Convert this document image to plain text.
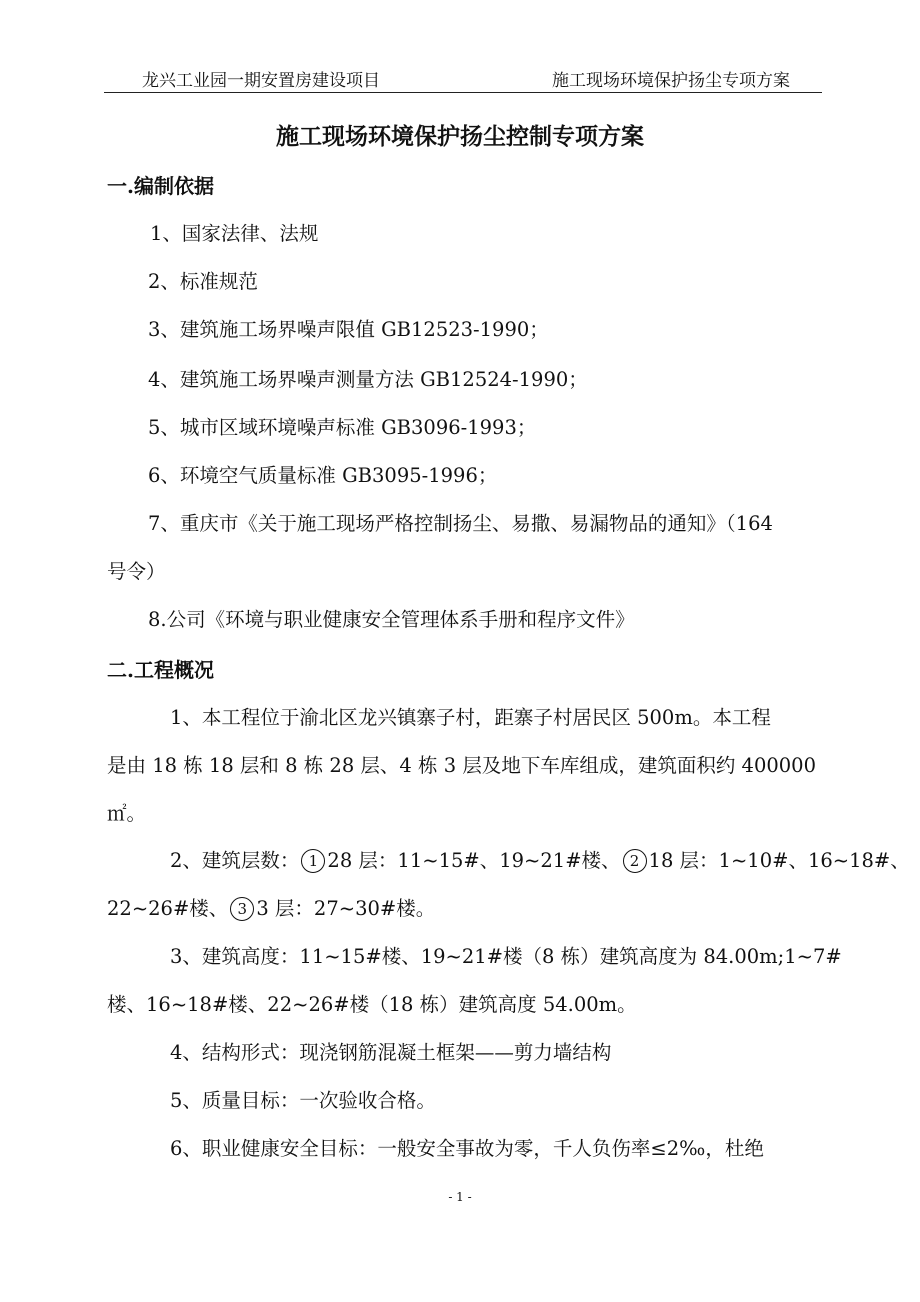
龙兴工业园一期安置房建设项目	施工现场环境保护扬尘专项方案
施工现场环境保护扬尘控制专项方案
一.编制依据
1、国家法律、法规
2、标准规范
3、建筑施工场界噪声限值 GB12523-1990；
4、建筑施工场界噪声测量方法 GB12524-1990；
5、城市区域环境噪声标准 GB3096-1993；
6、环境空气质量标准 GB3095-1996；
7、重庆市《关于施工现场严格控制扬尘、易撒、易漏物品的通知》（164
号令）
8.公司《环境与职业健康安全管理体系手册和程序文件》
二.工程概况
1、本工程位于渝北区龙兴镇寨子村，距寨子村居民区 500m。本工程
是由 18 栋 18 层和 8 栋 28 层、4 栋 3 层及地下车库组成，建筑面积约 400000
㎡。
2、建筑层数： 1 28 层：11~15#、19~21#楼、 2 18 层：1~10#、16~18#、
22~26#楼、 3 3 层：27~30#楼。
3、建筑高度：11~15#楼、19~21#楼（8 栋）建筑高度为 84.00m;1~7#
楼、16~18#楼、22~26#楼（18 栋）建筑高度 54.00m。
4、结构形式：现浇钢筋混凝土框架——剪力墙结构
5、质量目标：一次验收合格。
6、职业健康安全目标：一般安全事故为零，千人负伤率≤2‰，杜绝
- 1 -
